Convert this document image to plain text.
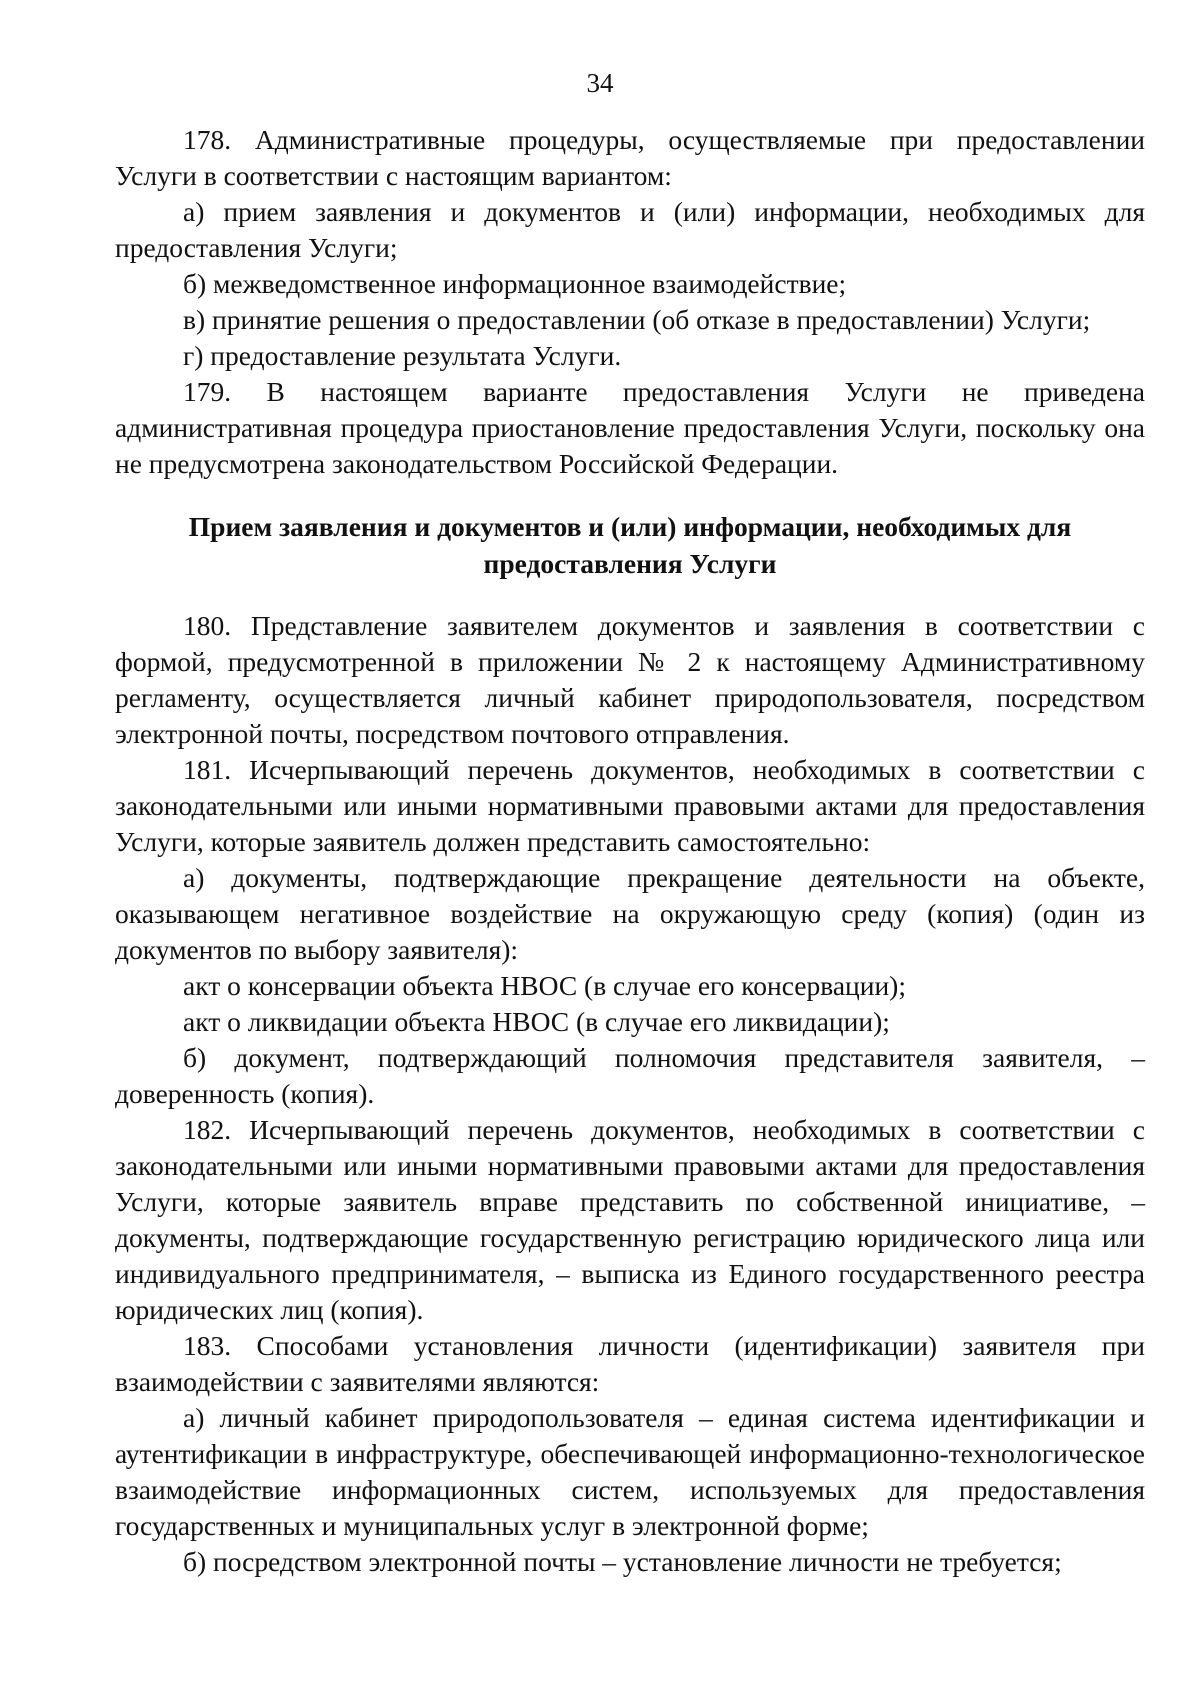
34

178. Административные процедуры, осуществляемые при предоставлении Услуги в соответствии с настоящим вариантом:

а) прием заявления и документов и (или) информации, необходимых для предоставления Услуги;

б) межведомственное информационное взаимодействие;

в) принятие решения о предоставлении (об отказе в предоставлении) Услуги;

г) предоставление результата Услуги.

179. В настоящем варианте предоставления Услуги не приведена административная процедура приостановление предоставления Услуги, поскольку она не предусмотрена законодательством Российской Федерации.

Прием заявления и документов и (или) информации, необходимых для предоставления Услуги

180. Представление заявителем документов и заявления в соответствии с формой, предусмотренной в приложении № 2 к настоящему Административному регламенту, осуществляется личный кабинет природопользователя, посредством электронной почты, посредством почтового отправления.

181. Исчерпывающий перечень документов, необходимых в соответствии с законодательными или иными нормативными правовыми актами для предоставления Услуги, которые заявитель должен представить самостоятельно:

а) документы, подтверждающие прекращение деятельности на объекте, оказывающем негативное воздействие на окружающую среду (копия) (один из документов по выбору заявителя):

акт о консервации объекта НВОС (в случае его консервации);

акт о ликвидации объекта НВОС (в случае его ликвидации);

б) документ, подтверждающий полномочия представителя заявителя, – доверенность (копия).

182. Исчерпывающий перечень документов, необходимых в соответствии с законодательными или иными нормативными правовыми актами для предоставления Услуги, которые заявитель вправе представить по собственной инициативе, – документы, подтверждающие государственную регистрацию юридического лица или индивидуального предпринимателя, – выписка из Единого государственного реестра юридических лиц (копия).

183. Способами установления личности (идентификации) заявителя при взаимодействии с заявителями являются:

а) личный кабинет природопользователя – единая система идентификации и аутентификации в инфраструктуре, обеспечивающей информационно-технологическое взаимодействие информационных систем, используемых для предоставления государственных и муниципальных услуг в электронной форме;

б) посредством электронной почты – установление личности не требуется;
